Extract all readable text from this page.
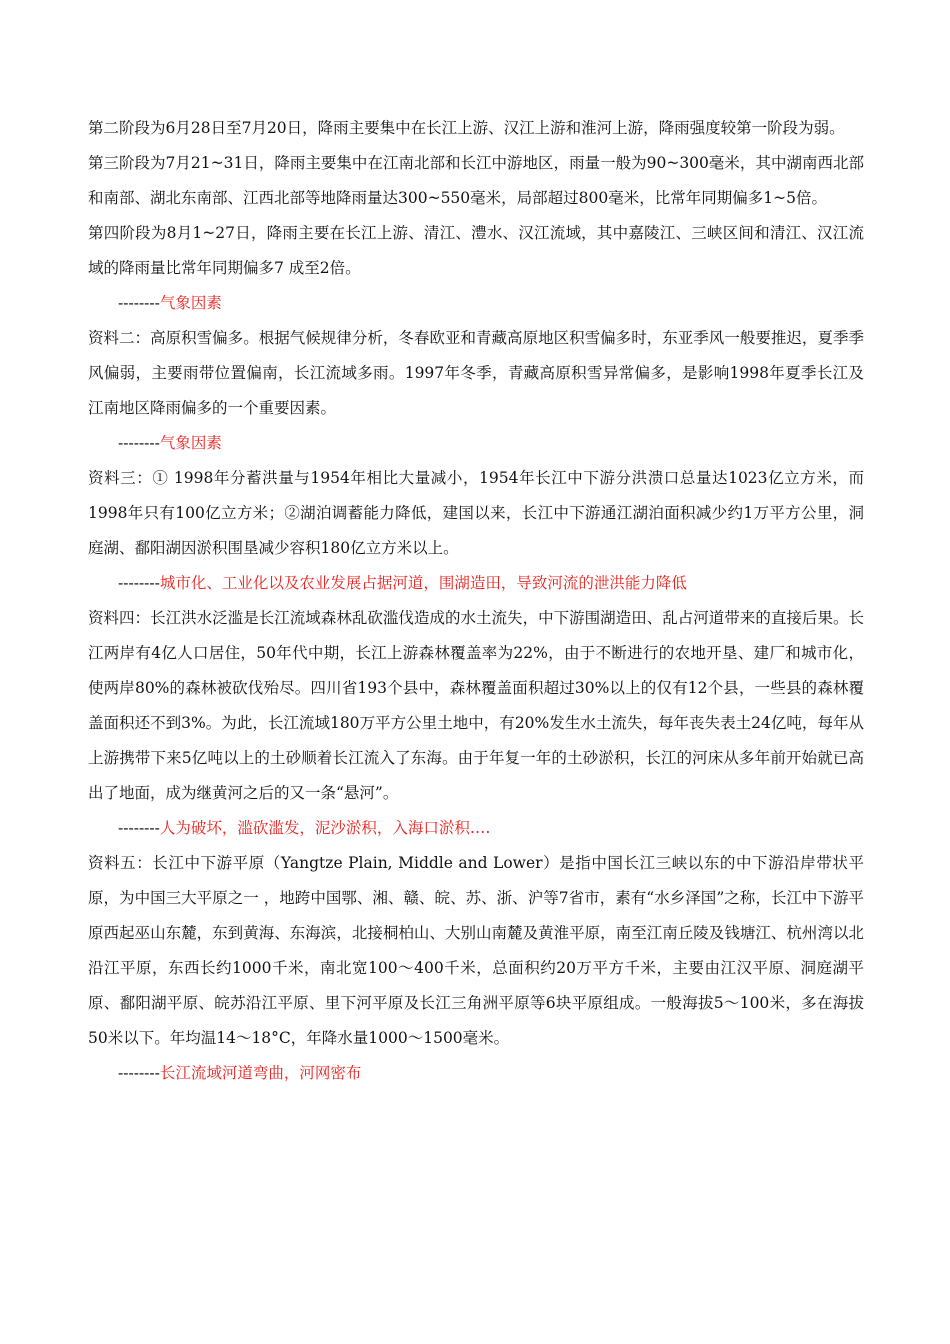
第二阶段为6月28日至7月20日，降雨主要集中在长江上游、汉江上游和淮河上游，降雨强度较第一阶段为弱。

第三阶段为7月21~31日，降雨主要集中在江南北部和长江中游地区，雨量一般为90~300毫米，其中湖南西北部和南部、湖北东南部、江西北部等地降雨量达300~550毫米，局部超过800毫米，比常年同期偏多1~5倍。

第四阶段为8月1~27日，降雨主要在长江上游、清江、澧水、汉江流域，其中嘉陵江、三峡区间和清江、汉江流域的降雨量比常年同期偏多7 成至2倍。

--------气象因素

资料二：高原积雪偏多。根据气候规律分析，冬春欧亚和青藏高原地区积雪偏多时，东亚季风一般要推迟，夏季季风偏弱，主要雨带位置偏南，长江流域多雨。1997年冬季，青藏高原积雪异常偏多，是影响1998年夏季长江及江南地区降雨偏多的一个重要因素。

--------气象因素

资料三：① 1998年分蓄洪量与1954年相比大量减小，1954年长江中下游分洪溃口总量达1023亿立方米，而1998年只有100亿立方米；②湖泊调蓄能力降低，建国以来，长江中下游通江湖泊面积减少约1万平方公里，洞庭湖、鄱阳湖因淤积围垦减少容积180亿立方米以上。

--------城市化、工业化以及农业发展占据河道，围湖造田，导致河流的泄洪能力降低

资料四：长江洪水泛滥是长江流域森林乱砍滥伐造成的水土流失，中下游围湖造田、乱占河道带来的直接后果。长江两岸有4亿人口居住，50年代中期，长江上游森林覆盖率为22%，由于不断进行的农地开垦、建厂和城市化，使两岸80%的森林被砍伐殆尽。四川省193个县中，森林覆盖面积超过30%以上的仅有12个县，一些县的森林覆盖面积还不到3%。为此，长江流域180万平方公里土地中，有20%发生水土流失，每年丧失表土24亿吨，每年从上游携带下来5亿吨以上的土砂顺着长江流入了东海。由于年复一年的土砂淤积，长江的河床从多年前开始就已高出了地面，成为继黄河之后的又一条“悬河”。

--------人为破坏，滥砍滥发，泥沙淤积，入海口淤积….

资料五：长江中下游平原（Yangtze Plain, Middle and Lower）是指中国长江三峡以东的中下游沿岸带状平原，为中国三大平原之一 ，地跨中国鄂、湘、赣、皖、苏、浙、沪等7省市，素有“水乡泽国”之称，长江中下游平原西起巫山东麓，东到黄海、东海滨，北接桐柏山、大别山南麓及黄淮平原，南至江南丘陵及钱塘江、杭州湾以北沿江平原，东西长约1000千米，南北宽100～400千米，总面积约20万平方千米，主要由江汉平原、洞庭湖平原、鄱阳湖平原、皖苏沿江平原、里下河平原及长江三角洲平原等6块平原组成。一般海拔5～100米，多在海拔50米以下。年均温14～18°C，年降水量1000～1500毫米。

--------长江流域河道弯曲，河网密布
